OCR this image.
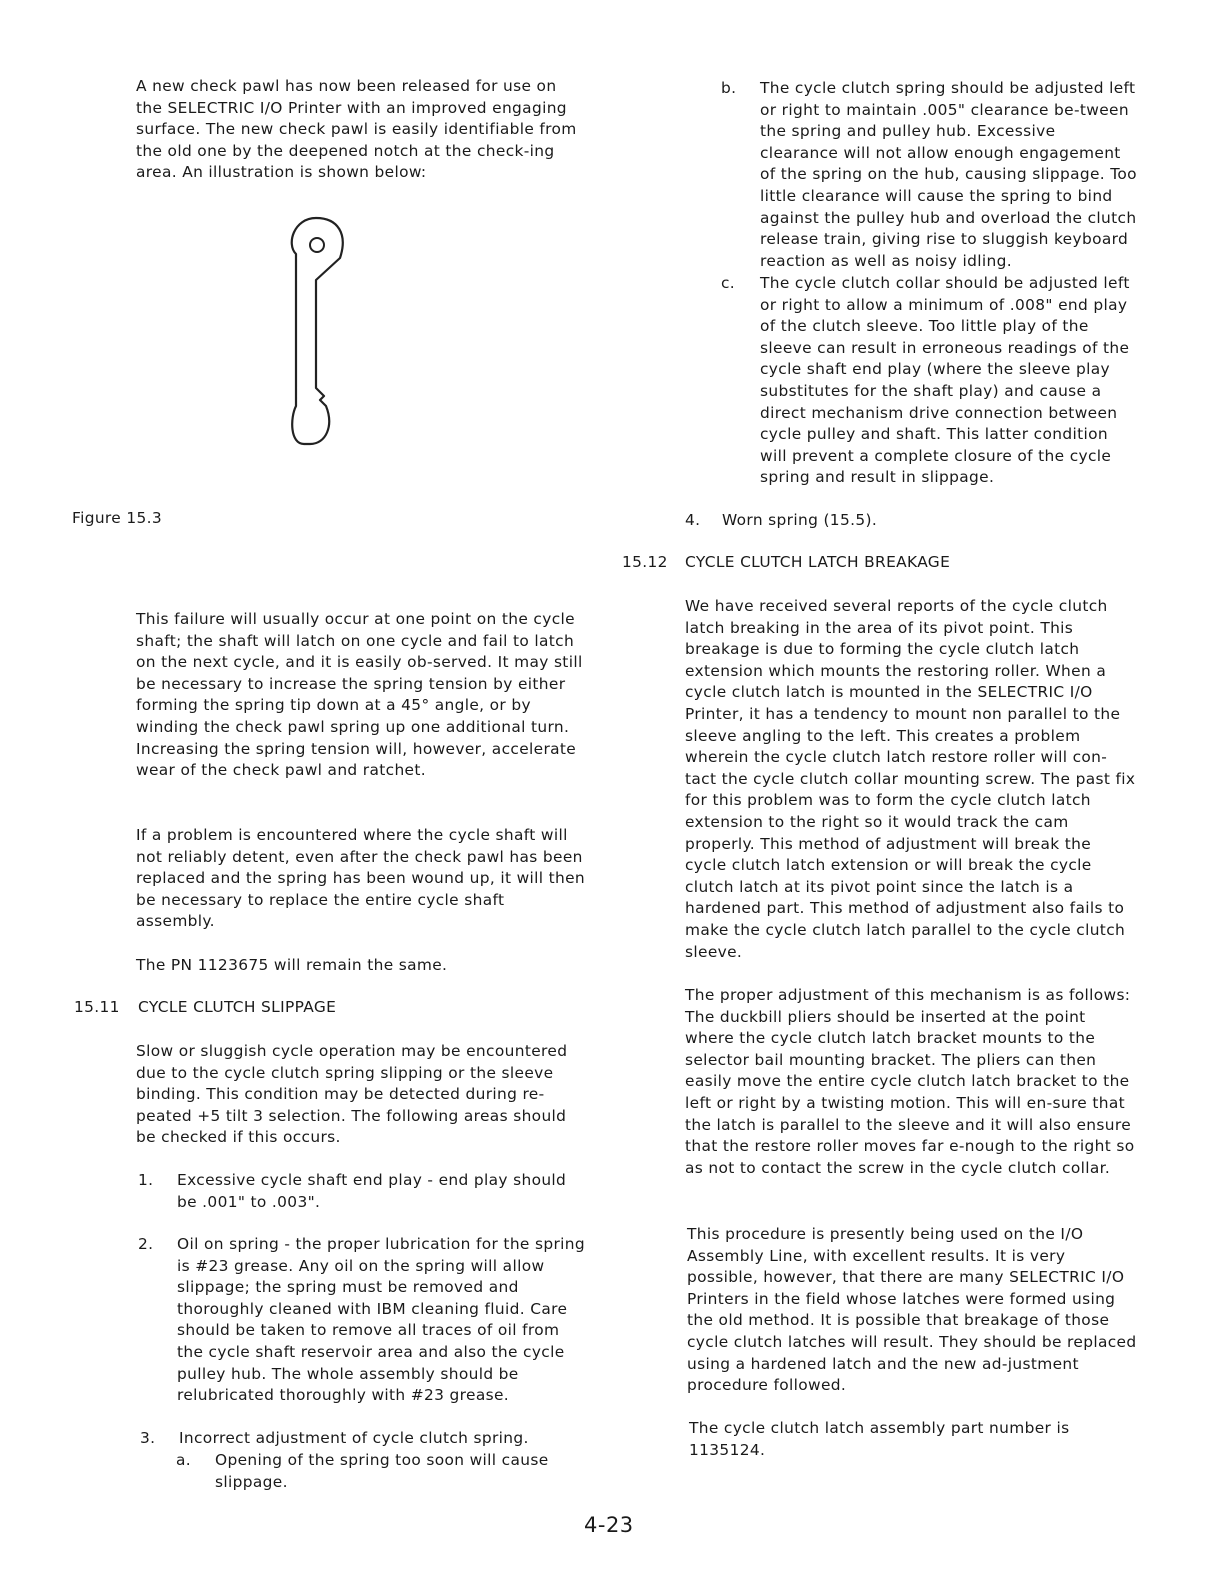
A new check pawl has now been released for use on the SELECTRIC I/O Printer with an improved engaging surface. The new check pawl is easily identifiable from the old one by the deepened notch at the check-ing area. An illustration is shown below:

Figure 15.3

This failure will usually occur at one point on the cycle shaft; the shaft will latch on one cycle and fail to latch on the next cycle, and it is easily ob-served. It may still be necessary to increase the spring tension by either forming the spring tip down at a 45° angle, or by winding the check pawl spring up one additional turn. Increasing the spring tension will, however, accelerate wear of the check pawl and ratchet.

If a problem is encountered where the cycle shaft will not reliably detent, even after the check pawl has been replaced and the spring has been wound up, it will then be necessary to replace the entire cycle shaft assembly.

The PN 1123675 will remain the same.

15.11 CYCLE CLUTCH SLIPPAGE

Slow or sluggish cycle operation may be encountered due to the cycle clutch spring slipping or the sleeve binding. This condition may be detected during re-peated +5 tilt 3 selection. The following areas should be checked if this occurs.

1. Excessive cycle shaft end play - end play should be .001" to .003".
2. Oil on spring - the proper lubrication for the spring is #23 grease. Any oil on the spring will allow slippage; the spring must be removed and thoroughly cleaned with IBM cleaning fluid. Care should be taken to remove all traces of oil from the cycle shaft reservoir area and also the cycle pulley hub. The whole assembly should be relubricated thoroughly with #23 grease.
3. Incorrect adjustment of cycle clutch spring.
a. Opening of the spring too soon will cause slippage.
b. The cycle clutch spring should be adjusted left or right to maintain .005" clearance be-tween the spring and pulley hub. Excessive clearance will not allow enough engagement of the spring on the hub, causing slippage. Too little clearance will cause the spring to bind against the pulley hub and overload the clutch release train, giving rise to sluggish keyboard reaction as well as noisy idling.
c. The cycle clutch collar should be adjusted left or right to allow a minimum of .008" end play of the clutch sleeve. Too little play of the sleeve can result in erroneous readings of the cycle shaft end play (where the sleeve play substitutes for the shaft play) and cause a direct mechanism drive connection between cycle pulley and shaft. This latter condition will prevent a complete closure of the cycle spring and result in slippage.
4. Worn spring (15.5).
15.12 CYCLE CLUTCH LATCH BREAKAGE

We have received several reports of the cycle clutch latch breaking in the area of its pivot point. This breakage is due to forming the cycle clutch latch extension which mounts the restoring roller. When a cycle clutch latch is mounted in the SELECTRIC I/O Printer, it has a tendency to mount non parallel to the sleeve angling to the left. This creates a problem wherein the cycle clutch latch restore roller will con-tact the cycle clutch collar mounting screw. The past fix for this problem was to form the cycle clutch latch extension to the right so it would track the cam properly. This method of adjustment will break the cycle clutch latch extension or will break the cycle clutch latch at its pivot point since the latch is a hardened part. This method of adjustment also fails to make the cycle clutch latch parallel to the cycle clutch sleeve.

The proper adjustment of this mechanism is as follows: The duckbill pliers should be inserted at the point where the cycle clutch latch bracket mounts to the selector bail mounting bracket. The pliers can then easily move the entire cycle clutch latch bracket to the left or right by a twisting motion. This will en-sure that the latch is parallel to the sleeve and it will also ensure that the restore roller moves far e-nough to the right so as not to contact the screw in the cycle clutch collar.

This procedure is presently being used on the I/O Assembly Line, with excellent results. It is very possible, however, that there are many SELECTRIC I/O Printers in the field whose latches were formed using the old method. It is possible that breakage of those cycle clutch latches will result. They should be replaced using a hardened latch and the new ad-justment procedure followed.

The cycle clutch latch assembly part number is 1135124.

4-23
